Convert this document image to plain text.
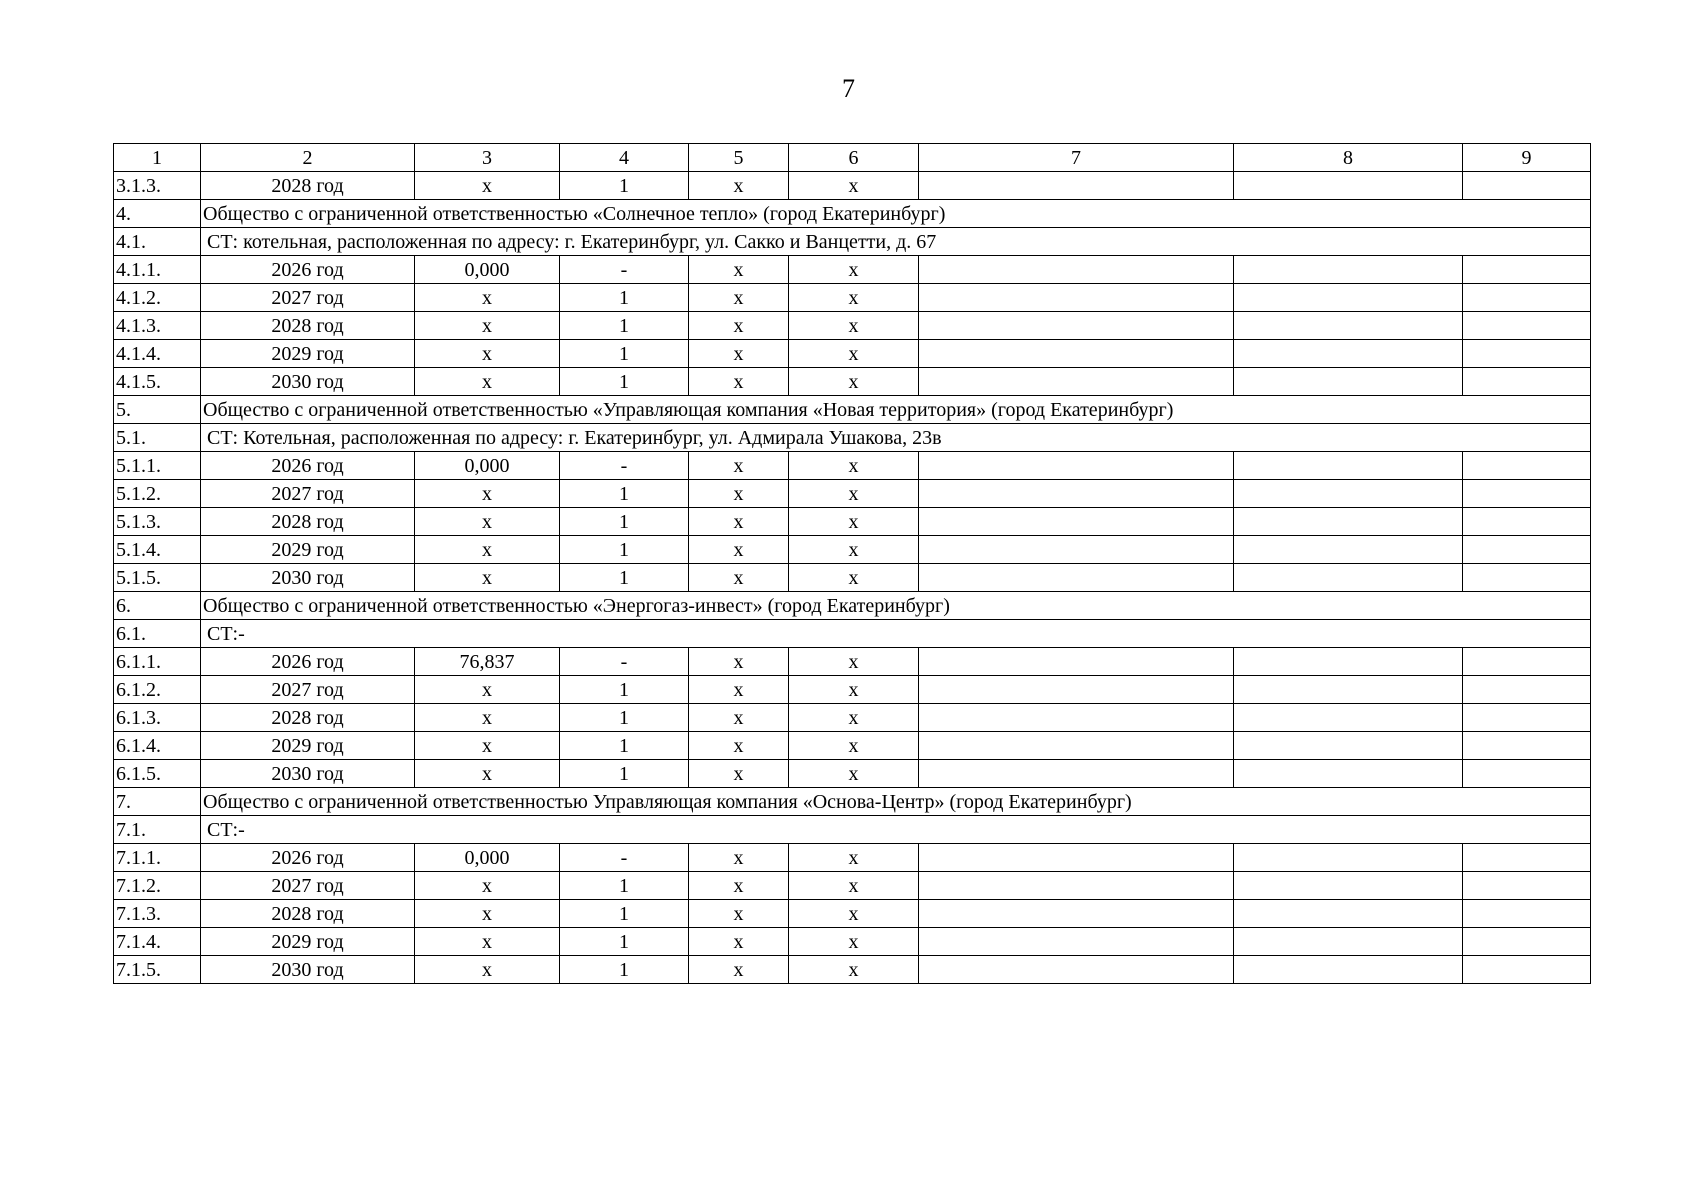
7
1	2	3	4	5	6	7	8	9
3.1.3.	2028 год	х	1	х	х			
4.	Общество с ограниченной ответственностью «Солнечное тепло» (город Екатеринбург)							
4.1.	СТ: котельная, расположенная по адресу: г. Екатеринбург, ул. Сакко и Ванцетти, д. 67							
4.1.1.	2026 год	0,000	-	х	х			
4.1.2.	2027 год	х	1	х	х			
4.1.3.	2028 год	х	1	х	х			
4.1.4.	2029 год	х	1	х	х			
4.1.5.	2030 год	х	1	х	х			
5.	Общество с ограниченной ответственностью «Управляющая компания «Новая территория» (город Екатеринбург)							
5.1.	СТ: Котельная, расположенная по адресу: г. Екатеринбург, ул. Адмирала Ушакова, 23в							
5.1.1.	2026 год	0,000	-	х	х			
5.1.2.	2027 год	х	1	х	х			
5.1.3.	2028 год	х	1	х	х			
5.1.4.	2029 год	х	1	х	х			
5.1.5.	2030 год	х	1	х	х			
6.	Общество с ограниченной ответственностью «Энергогаз-инвест» (город Екатеринбург)							
6.1.	СТ:-							
6.1.1.	2026 год	76,837	-	х	х			
6.1.2.	2027 год	х	1	х	х			
6.1.3.	2028 год	х	1	х	х			
6.1.4.	2029 год	х	1	х	х			
6.1.5.	2030 год	х	1	х	х			
7.	Общество с ограниченной ответственностью Управляющая компания «Основа-Центр» (город Екатеринбург)							
7.1.	СТ:-							
7.1.1.	2026 год	0,000	-	х	х			
7.1.2.	2027 год	х	1	х	х			
7.1.3.	2028 год	х	1	х	х			
7.1.4.	2029 год	х	1	х	х			
7.1.5.	2030 год	х	1	х	х			
